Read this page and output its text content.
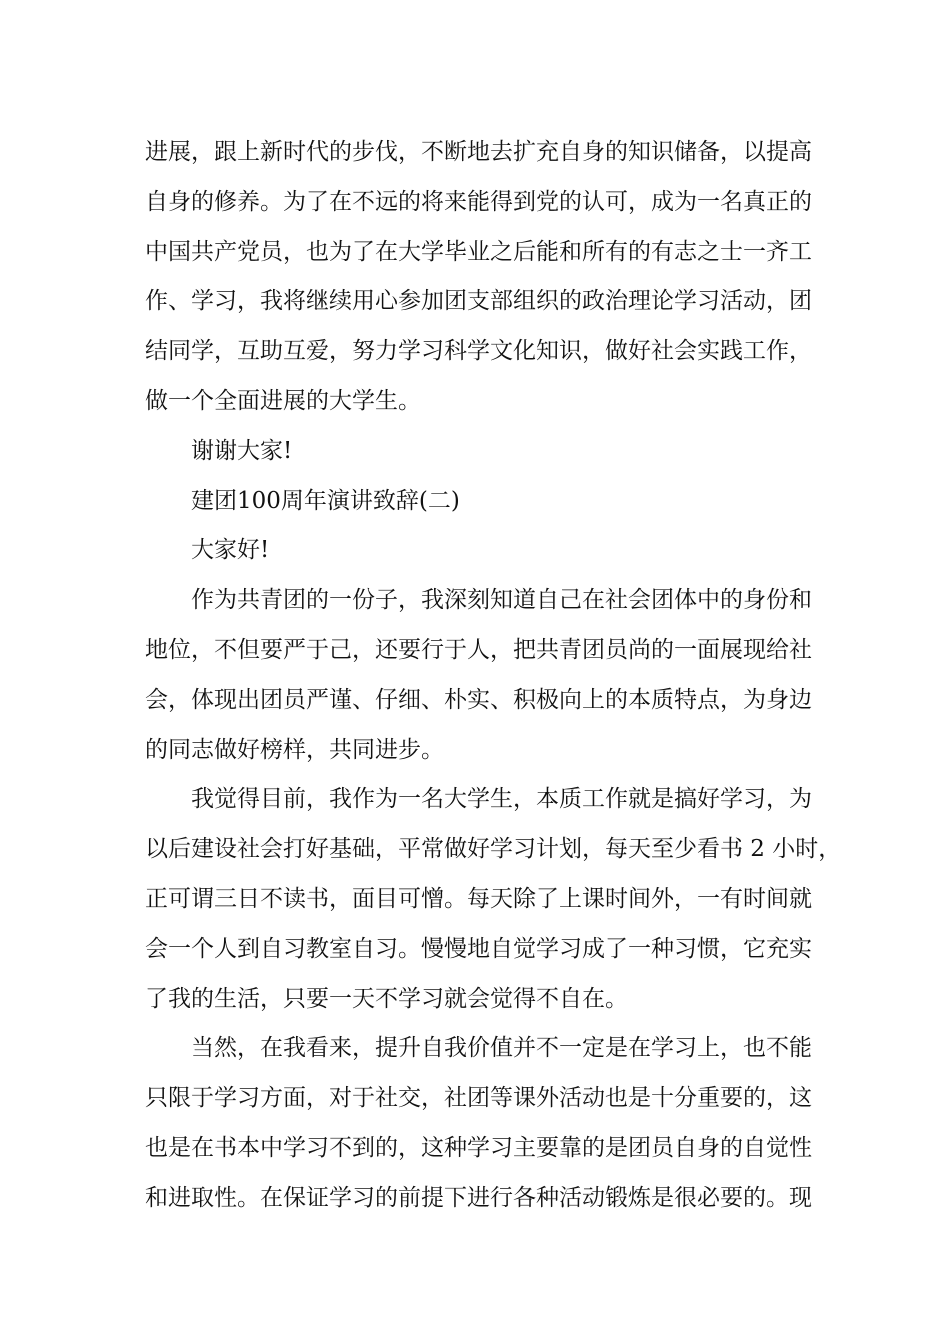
进展，跟上新时代的步伐，不断地去扩充自身的知识储备，以提高
自身的修养。为了在不远的将来能得到党的认可，成为一名真正的
中国共产党员，也为了在大学毕业之后能和所有的有志之士一齐工
作、学习，我将继续用心参加团支部组织的政治理论学习活动，团
结同学，互助互爱，努力学习科学文化知识，做好社会实践工作，
做一个全面进展的大学生。
谢谢大家!
建团100周年演讲致辞(二)
大家好!
作为共青团的一份子，我深刻知道自己在社会团体中的身份和
地位，不但要严于己，还要行于人，把共青团员尚的一面展现给社
会，体现出团员严谨、仔细、朴实、积极向上的本质特点，为身边
的同志做好榜样，共同进步。
我觉得目前，我作为一名大学生，本质工作就是搞好学习，为
以后建设社会打好基础，平常做好学习计划，每天至少看书 2 小时，
正可谓三日不读书，面目可憎。每天除了上课时间外，一有时间就
会一个人到自习教室自习。慢慢地自觉学习成了一种习惯，它充实
了我的生活，只要一天不学习就会觉得不自在。
当然，在我看来，提升自我价值并不一定是在学习上，也不能
只限于学习方面，对于社交，社团等课外活动也是十分重要的，这
也是在书本中学习不到的，这种学习主要靠的是团员自身的自觉性
和进取性。在保证学习的前提下进行各种活动锻炼是很必要的。现
